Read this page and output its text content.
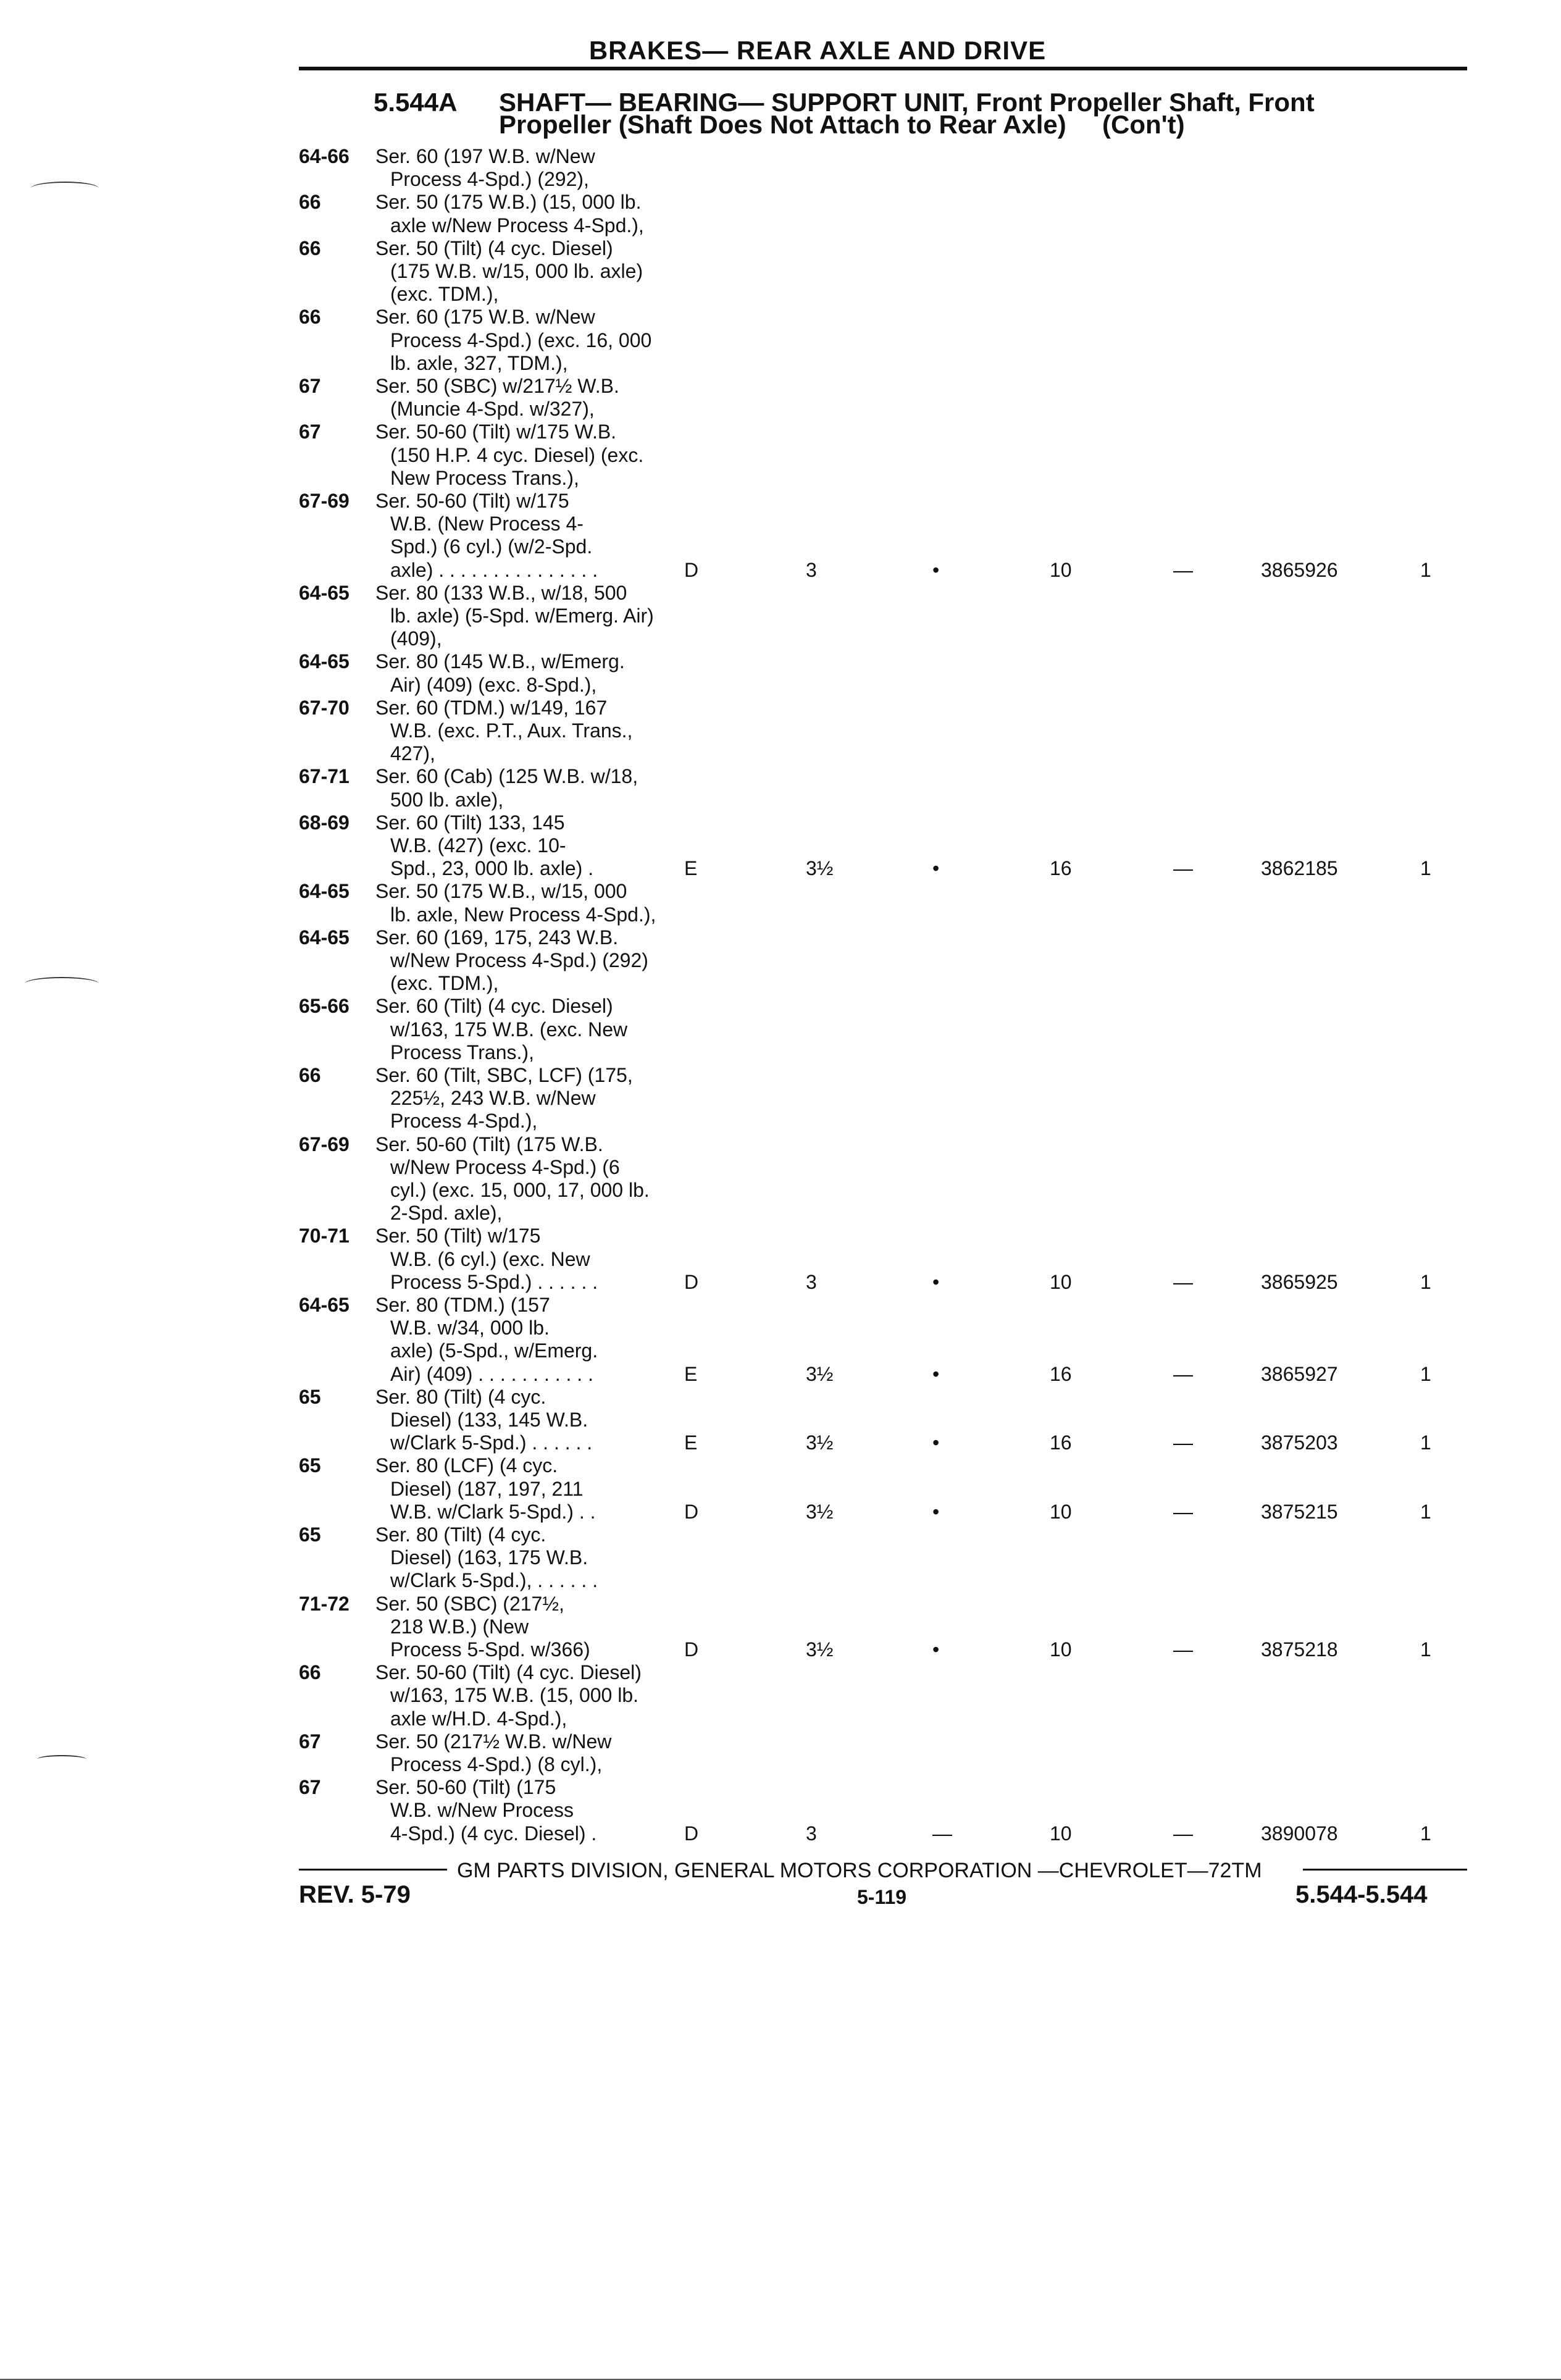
BRAKES— REAR AXLE AND DRIVE
5.544A SHAFT— BEARING— SUPPORT UNIT, Front Propeller Shaft, Front
Propeller (Shaft Does Not Attach to Rear Axle)     (Con't)
64-66 Ser. 60 (197 W.B. w/New
Process 4-Spd.) (292),
66	Ser. 50 (175 W.B.) (15, 000 lb.
axle w/New Process 4-Spd.),
66	Ser. 50 (Tilt) (4 cyc. Diesel)
(175 W.B. w/15, 000 lb. axle)
(exc. TDM.),
66	Ser. 60 (175 W.B. w/New
Process 4-Spd.) (exc. 16, 000
lb. axle, 327, TDM.),
67	Ser. 50 (SBC) w/217½ W.B.
(Muncie 4-Spd. w/327),
67	Ser. 50-60 (Tilt) w/175 W.B.
(150 H.P. 4 cyc. Diesel) (exc.
New Process Trans.),
67-69 Ser. 50-60 (Tilt) w/175
W.B. (New Process 4-
Spd.) (6 cyl.) (w/2-Spd.
axle) . . . . . . . . . . . . . . .	D	3	•	10	—	3865926	1
64-65 Ser. 80 (133 W.B., w/18, 500
lb. axle) (5-Spd. w/Emerg. Air)
(409),
64-65 Ser. 80 (145 W.B., w/Emerg.
Air) (409) (exc. 8-Spd.),
67-70 Ser. 60 (TDM.) w/149, 167
W.B. (exc. P.T., Aux. Trans.,
427),
67-71 Ser. 60 (Cab) (125 W.B. w/18,
500 lb. axle),
68-69 Ser. 60 (Tilt) 133, 145
W.B. (427) (exc. 10-
Spd., 23, 000 lb. axle) .	E	3½	•	16	—	3862185	1
64-65 Ser. 50 (175 W.B., w/15, 000
lb. axle, New Process 4-Spd.),
64-65 Ser. 60 (169, 175, 243 W.B.
w/New Process 4-Spd.) (292)
(exc. TDM.),
65-66 Ser. 60 (Tilt) (4 cyc. Diesel)
w/163, 175 W.B. (exc. New
Process Trans.),
66	Ser. 60 (Tilt, SBC, LCF) (175,
225½, 243 W.B. w/New
Process 4-Spd.),
67-69 Ser. 50-60 (Tilt) (175 W.B.
w/New Process 4-Spd.) (6
cyl.) (exc. 15, 000, 17, 000 lb.
2-Spd. axle),
70-71 Ser. 50 (Tilt) w/175
W.B. (6 cyl.) (exc. New
Process 5-Spd.) . . . . . .	D	3	•	10	—	3865925	1
64-65 Ser. 80 (TDM.) (157
W.B. w/34, 000 lb.
axle) (5-Spd., w/Emerg.
Air) (409) . . . . . . . . . . .	E	3½	•	16	—	3865927	1
65	Ser. 80 (Tilt) (4 cyc.
Diesel) (133, 145 W.B.
w/Clark 5-Spd.) . . . . . .	E	3½	•	16	—	3875203	1
65	Ser. 80 (LCF) (4 cyc.
Diesel) (187, 197, 211
W.B. w/Clark 5-Spd.) . .	D	3½	•	10	—	3875215	1
65	Ser. 80 (Tilt) (4 cyc.
Diesel) (163, 175 W.B.
w/Clark 5-Spd.), . . . . . .
71-72 Ser. 50 (SBC) (217½,
218 W.B.) (New
Process 5-Spd. w/366)	D	3½	•	10	—	3875218	1
66	Ser. 50-60 (Tilt) (4 cyc. Diesel)
w/163, 175 W.B. (15, 000 lb.
axle w/H.D. 4-Spd.),
67	Ser. 50 (217½ W.B. w/New
Process 4-Spd.) (8 cyl.),
67	Ser. 50-60 (Tilt) (175
W.B. w/New Process
4-Spd.) (4 cyc. Diesel) .	D	3	—	10	—	3890078	1
GM PARTS DIVISION, GENERAL MOTORS CORPORATION —CHEVROLET—72TM
REV. 5-79	5-119	5.544-5.544
